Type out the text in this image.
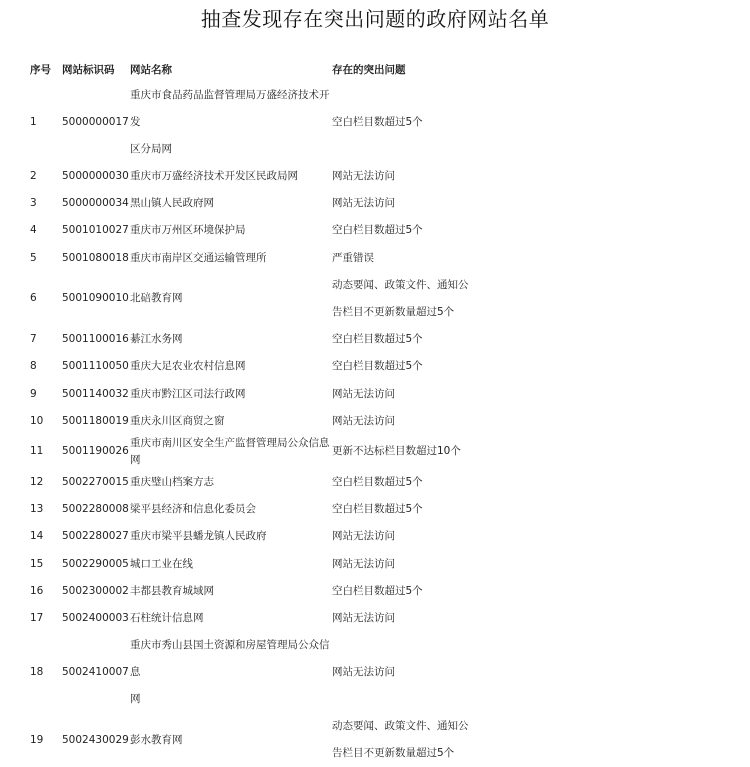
抽查发现存在突出问题的政府网站名单
序号	网站标识码	网站名称	存在的突出问题
1	5000000017	重庆市食品药品监督管理局万盛经济技术开发
区分局网	空白栏目数超过5个

2	5000000030	重庆市万盛经济技术开发区民政局网	网站无法访问

3	5000000034	黑山镇人民政府网	网站无法访问

4	5001010027	重庆市万州区环境保护局	空白栏目数超过5个

5	5001080018	重庆市南岸区交通运输管理所	严重错误

6	5001090010	北碚教育网	动态要闻、政策文件、通知公
告栏目不更新数量超过5个

7	5001100016	綦江水务网	空白栏目数超过5个

8	5001110050	重庆大足农业农村信息网	空白栏目数超过5个

9	5001140032	重庆市黔江区司法行政网	网站无法访问

10	5001180019	重庆永川区商贸之窗	网站无法访问

11	5001190026	重庆市南川区安全生产监督管理局公众信息网	更新不达标栏目数超过10个

12	5002270015	重庆璧山档案方志	空白栏目数超过5个

13	5002280008	梁平县经济和信息化委员会	空白栏目数超过5个

14	5002280027	重庆市梁平县蟠龙镇人民政府	网站无法访问

15	5002290005	城口工业在线	网站无法访问

16	5002300002	丰都县教育城域网	空白栏目数超过5个

17	5002400003	石柱统计信息网	网站无法访问

18	5002410007	重庆市秀山县国土资源和房屋管理局公众信息
网	网站无法访问

19	5002430029	彭水教育网	动态要闻、政策文件、通知公
告栏目不更新数量超过5个
